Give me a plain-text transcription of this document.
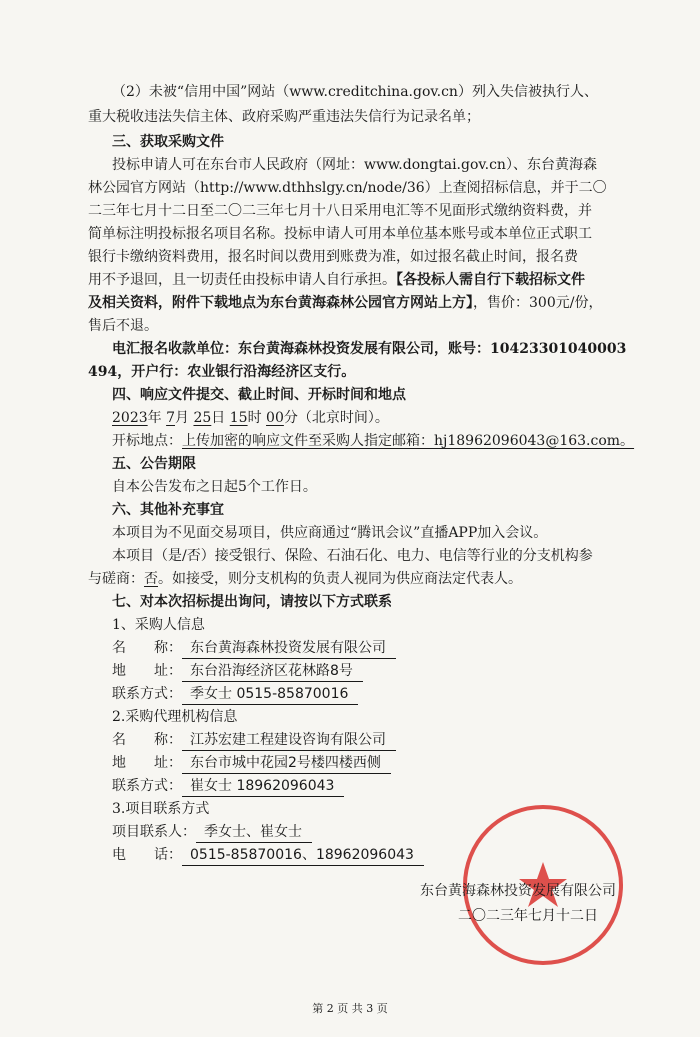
（2）未被“信用中国”网站（www.creditchina.gov.cn）列入失信被执行人、
重大税收违法失信主体、政府采购严重违法失信行为记录名单；
三、获取采购文件
投标申请人可在东台市人民政府（网址：www.dongtai.gov.cn）、东台黄海森
林公园官方网站（http://www.dthhslgy.cn/node/36）上查阅招标信息，并于二〇
二三年七月十二日至二〇二三年七月十八日采用电汇等不见面形式缴纳资料费，并
简单标注明投标报名项目名称。投标申请人可用本单位基本账号或本单位正式职工
银行卡缴纳资料费用，报名时间以费用到账费为准，如过报名截止时间，报名费
用不予退回，且一切责任由投标申请人自行承担。【各投标人需自行下载招标文件
及相关资料，附件下载地点为东台黄海森林公园官方网站上方】，售价：300元/份，
售后不退。
电汇报名收款单位：东台黄海森林投资发展有限公司，账号：10423301040003
494，开户行：农业银行沿海经济区支行。
四、响应文件提交、截止时间、开标时间和地点
2023年 7月 25日 15时 00分（北京时间）。
开标地点：上传加密的响应文件至采购人指定邮箱：hj18962096043@163.com。
五、公告期限
自本公告发布之日起5个工作日。
六、其他补充事宜
本项目为不见面交易项目，供应商通过“腾讯会议”直播APP加入会议。
本项目（是/否）接受银行、保险、石油石化、电力、电信等行业的分支机构参
与磋商：否。如接受，则分支机构的负责人视同为供应商法定代表人。
七、对本次招标提出询问，请按以下方式联系
1、采购人信息
名　　称： 东台黄海森林投资发展有限公司
地　　址： 东台沿海经济区花林路8号
联系方式： 季女士 0515-85870016
2.采购代理机构信息
名　　称： 江苏宏建工程建设咨询有限公司
地　　址： 东台市城中花园2号楼四楼西侧
联系方式： 崔女士 18962096043
3.项目联系方式
项目联系人： 季女士、崔女士
电　　话： 0515-85870016、18962096043
东台黄海森林投资发展有限公司
二〇二三年七月十二日
第 2 页 共 3 页
